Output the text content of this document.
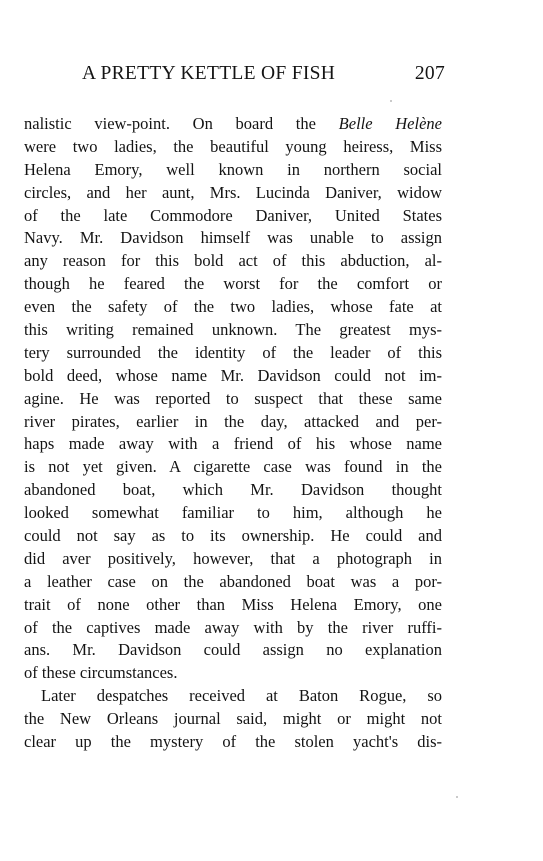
A PRETTY KETTLE OF FISH	207
nalistic view-point. On board the Belle Helène
were two ladies, the beautiful young heiress, Miss
Helena Emory, well known in northern social
circles, and her aunt, Mrs. Lucinda Daniver, widow
of the late Commodore Daniver, United States
Navy. Mr. Davidson himself was unable to assign
any reason for this bold act of this abduction, al-
though he feared the worst for the comfort or
even the safety of the two ladies, whose fate at
this writing remained unknown. The greatest mys-
tery surrounded the identity of the leader of this
bold deed, whose name Mr. Davidson could not im-
agine. He was reported to suspect that these same
river pirates, earlier in the day, attacked and per-
haps made away with a friend of his whose name
is not yet given. A cigarette case was found in the
abandoned boat, which Mr. Davidson thought
looked somewhat familiar to him, although he
could not say as to its ownership. He could and
did aver positively, however, that a photograph in
a leather case on the abandoned boat was a por-
trait of none other than Miss Helena Emory, one
of the captives made away with by the river ruffi-
ans. Mr. Davidson could assign no explanation
of these circumstances.
Later despatches received at Baton Rogue, so
the New Orleans journal said, might or might not
clear up the mystery of the stolen yacht's dis-
